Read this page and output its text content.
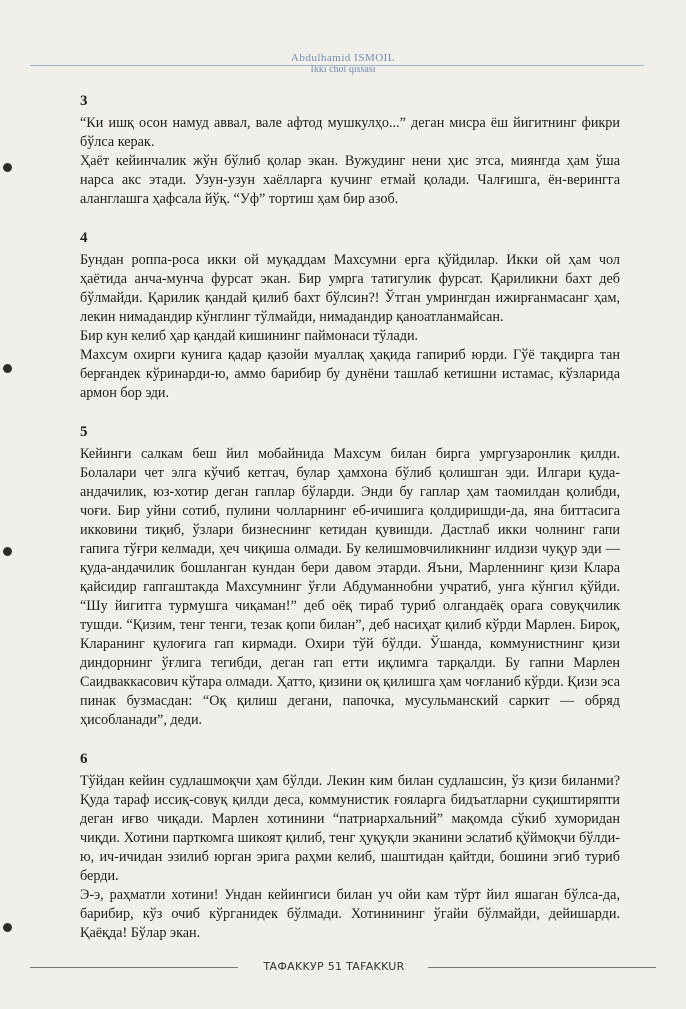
Abdulhamid ISMOIL
Ikki chol qissasi
3

“Ки ишқ осон намуд аввал, вале афтод мушкулҳо...” деган мисра ёш йигитнинг фикри бўлса керак.

Ҳаёт кейинчалик жўн бўлиб қолар экан. Вужудинг нени ҳис этса, миянгда ҳам ўша нарса акс этади. Узун-узун хаёлларга кучинг етмай қолади. Чалғишга, ён-верингга аланглашга ҳафсала йўқ. “Уф” тортиш ҳам бир азоб.

4

Бундан роппа-роса икки ой муқаддам Махсумни ерга қўйдилар. Икки ой ҳам чол ҳаётида анча-мунча фурсат экан. Бир умрга татигулик фурсат. Қариликни бахт деб бўлмайди. Қарилик қандай қилиб бахт бўлсин?! Ўтган умрингдан ижирғанмасанг ҳам, лекин нимадандир кўнглинг тўлмайди, нимадандир қаноатланмайсан.

Бир кун келиб ҳар қандай кишининг паймонаси тўлади.

Махсум охирги кунига қадар қазойи муаллақ ҳақида гапириб юрди. Гўё тақдирга тан берғандек кўринарди-ю, аммо барибир бу дунёни ташлаб кетишни истамас, кўзларида армон бор эди.

5

Кейинги салкам беш йил мобайнида Махсум билан бирга умргузаронлик қилди. Болалари чет элга кўчиб кетгач, булар ҳамхона бўлиб қолишган эди. Илгари қуда-андачилик, юз-хотир деган гаплар бўларди. Энди бу гаплар ҳам таомилдан қолибди, чоғи. Бир уйни сотиб, пулини чолларнинг еб-ичишига қолдиришди-да, яна биттасига икковини тиқиб, ўзлари бизнеснинг кетидан қувишди. Дастлаб икки чолнинг гапи гапига тўғри келмади, ҳеч чиқиша олмади. Бу келишмовчиликнинг илдизи чуқур эди — қуда-андачилик бошланган кундан бери давом этарди. Яъни, Марленнинг қизи Клара қайсидир гапгаштакда Махсумнинг ўғли Абдуманнобни учратиб, унга кўнгил қўйди. “Шу йигитга турмушга чиқаман!” деб оёқ тираб туриб олгандаёқ орага совуқчилик тушди. “Қизим, тенг тенги, тезак қопи билан”, деб насиҳат қилиб кўрди Марлен. Бироқ, Кларанинг қулоғига гап кирмади. Охири тўй бўлди. Ўшанда, коммунистнинг қизи диндорнинг ўғлига тегибди, деган гап етти иқлимга тарқалди. Бу гапни Марлен Саидваккасович кўтара олмади. Ҳатто, қизини оқ қилишга ҳам чоғланиб кўрди. Қизи эса пинак бузмасдан: “Оқ қилиш дегани, папочка, мусульманский саркит — обряд ҳисобланади”, деди.

6

Тўйдан кейин судлашмоқчи ҳам бўлди. Лекин ким билан судлашсин, ўз қизи биланми? Қуда тараф иссиқ-совуқ қилди деса, коммунистик ғояларга бидъатларни суқиштиряпти деган иғво чиқади. Марлен хотинини “патриархальний” мақомда сўкиб хуморидан чиқди. Хотини парткомга шикоят қилиб, тенг ҳуқуқли эканини эслатиб қўймоқчи бўлди-ю, ич-ичидан эзилиб юрган эрига раҳми келиб, шаштидан қайтди, бошини эгиб туриб берди.

Э-э, раҳматли хотини! Ундан кейингиси билан уч ойи кам тўрт йил яшаган бўлса-да, барибир, кўз очиб кўрганидек бўлмади. Хотинининг ўгайи бўлмайди, дейишарди. Қаёқда! Бўлар экан.

TAФAKKУP 51 TAFAKKUR
